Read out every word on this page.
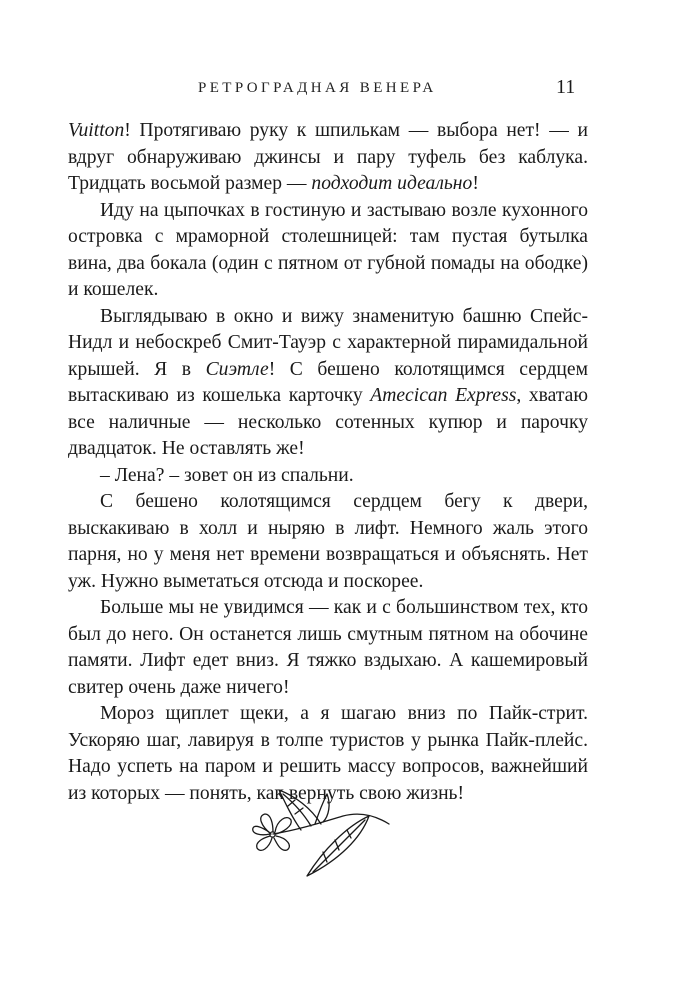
РЕТРОГРАДНАЯ ВЕНЕРА	11

Vuitton! Протягиваю руку к шпилькам — выбора нет! — и вдруг обнаруживаю джинсы и пару туфель без каблука. Тридцать восьмой размер — подходит идеально!

Иду на цыпочках в гостиную и застываю возле кухонного островка с мраморной столешницей: там пустая бутылка вина, два бокала (один с пятном от губной помады на ободке) и кошелек.

Выглядываю в окно и вижу знаменитую башню Спейс-Нидл и небоскреб Смит-Тауэр с характерной пирамидальной крышей. Я в Сиэтле! С бешено колотящимся сердцем вытаскиваю из кошелька карточку Amecican Express, хватаю все наличные — несколько сотенных купюр и парочку двадцаток. Не оставлять же!

– Лена? – зовет он из спальни.

С бешено колотящимся сердцем бегу к двери, выскакиваю в холл и ныряю в лифт. Немного жаль этого парня, но у меня нет времени возвращаться и объяснять. Нет уж. Нужно выметаться отсюда и поскорее.

Больше мы не увидимся — как и с большинством тех, кто был до него. Он останется лишь смутным пятном на обочине памяти. Лифт едет вниз. Я тяжко вздыхаю. А кашемировый свитер очень даже ничего!

Мороз щиплет щеки, а я шагаю вниз по Пайк-стрит. Ускоряю шаг, лавируя в толпе туристов у рынка Пайк-плейс. Надо успеть на паром и решить массу вопросов, важнейший из которых — понять, как вернуть свою жизнь!
